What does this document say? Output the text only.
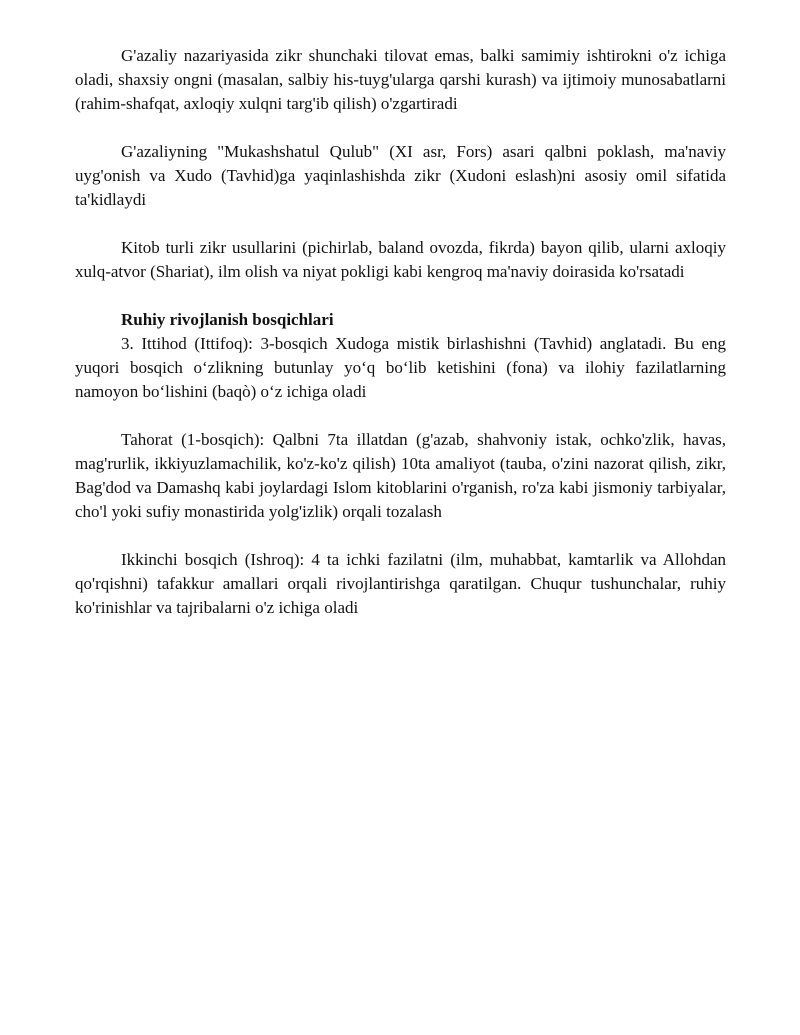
G'azaliy nazariyasida zikr shunchaki tilovat emas, balki samimiy ishtirokni o'z ichiga oladi, shaxsiy ongni (masalan, salbiy his-tuyg'ularga qarshi kurash) va ijtimoiy munosabatlarni (rahim-shafqat, axloqiy xulqni targ'ib qilish) o'zgartiradi

G'azaliyning "Mukashshatul Qulub" (XI asr, Fors) asari qalbni poklash, ma'naviy uyg'onish va Xudo (Tavhid)ga yaqinlashishda zikr (Xudoni eslash)ni asosiy omil sifatida ta'kidlaydi

Kitob turli zikr usullarini (pichirlab, baland ovozda, fikrda) bayon qilib, ularni axloqiy xulq-atvor (Shariat), ilm olish va niyat pokligi kabi kengroq ma'naviy doirasida ko'rsatadi

Ruhiy rivojlanish bosqichlari

3. Ittihod (Ittifoq): 3-bosqich Xudoga mistik birlashishni (Tavhid) anglatadi. Bu eng yuqori bosqich oʻzlikning butunlay yoʻq boʻlib ketishini (fona) va ilohiy fazilatlarning namoyon boʻlishini (baqò) oʻz ichiga oladi

Tahorat (1-bosqich): Qalbni 7ta illatdan (g'azab, shahvoniy istak, ochko'zlik, havas, mag'rurlik, ikkiyuzlamachilik, ko'z-ko'z qilish) 10ta amaliyot (tauba, o'zini nazorat qilish, zikr, Bag'dod va Damashq kabi joylardagi Islom kitoblarini o'rganish, ro'za kabi jismoniy tarbiyalar, cho'l yoki sufiy monastirida yolg'izlik) orqali tozalash

Ikkinchi bosqich (Ishroq): 4 ta ichki fazilatni (ilm, muhabbat, kamtarlik va Allohdan qo'rqishni) tafakkur amallari orqali rivojlantirishga qaratilgan. Chuqur tushunchalar, ruhiy ko'rinishlar va tajribalarni o'z ichiga oladi
